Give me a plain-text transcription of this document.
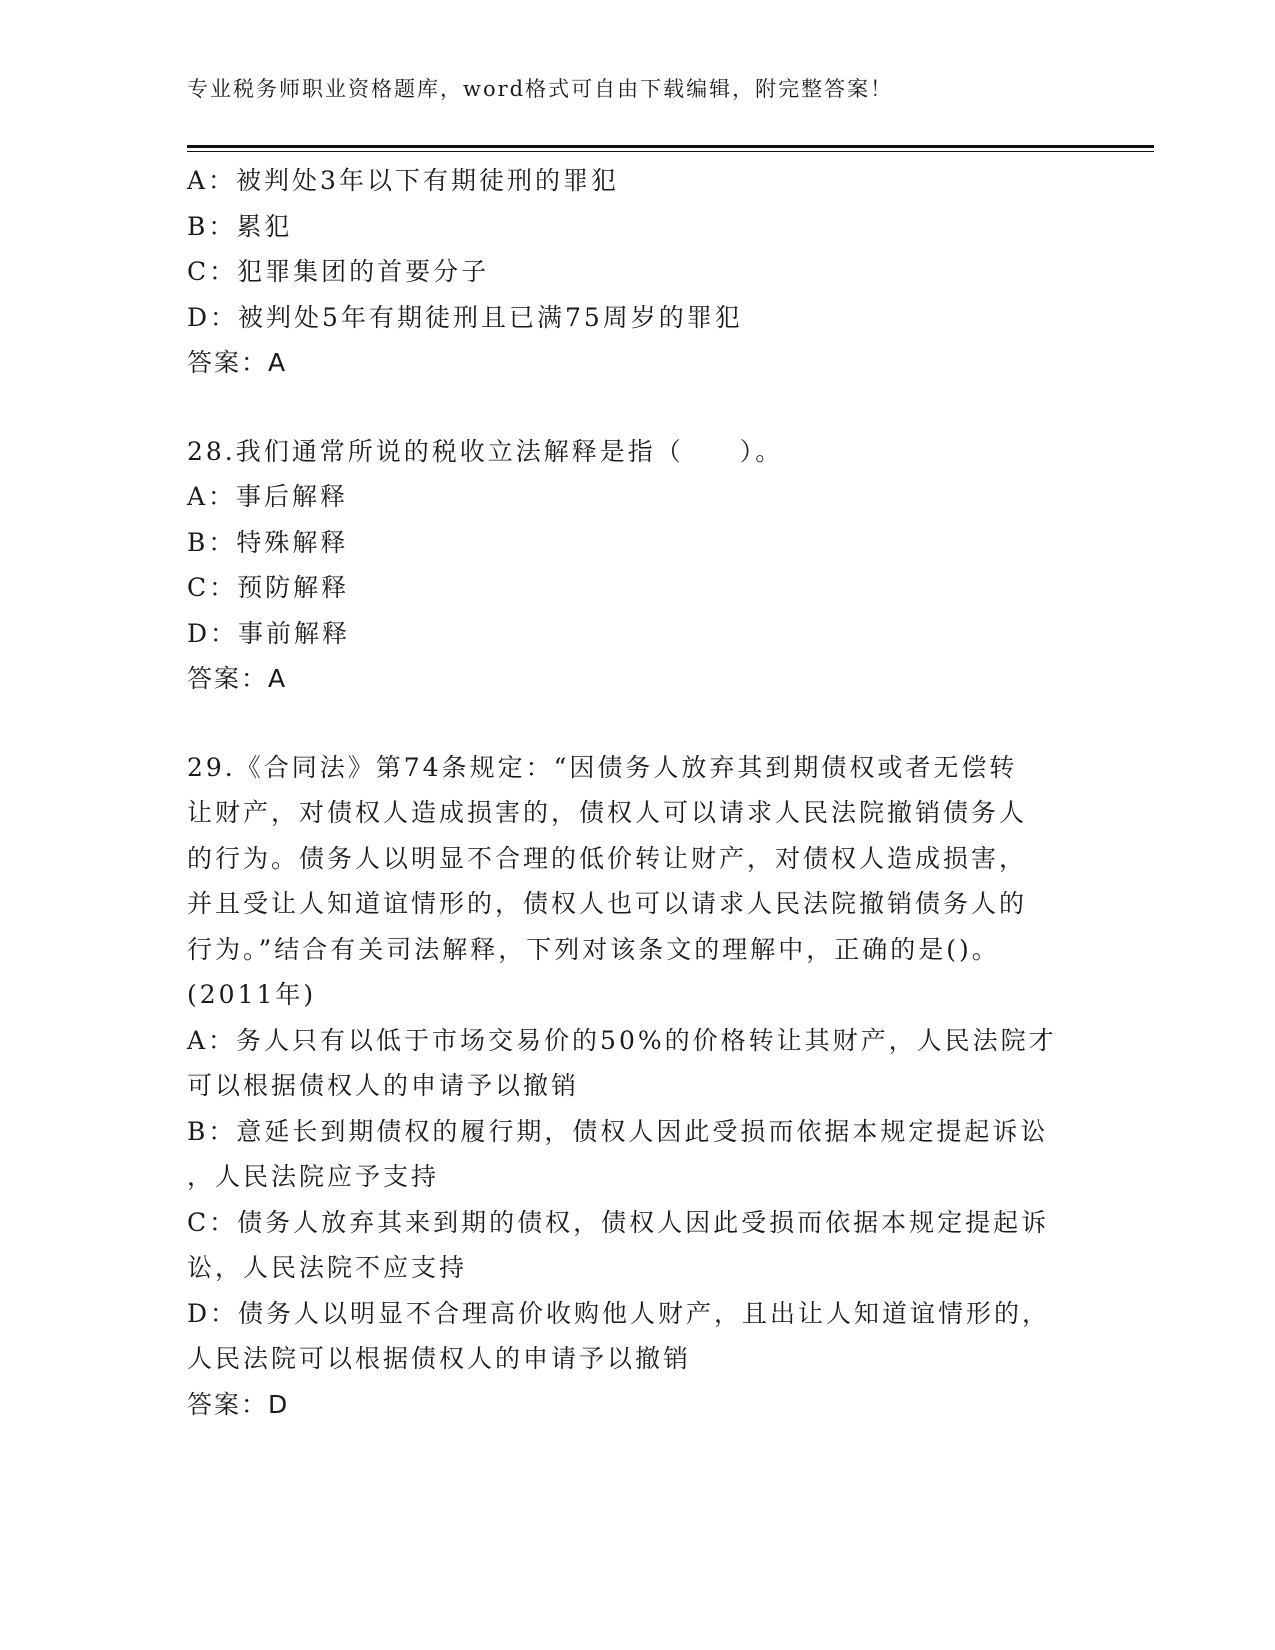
专业税务师职业资格题库，word格式可自由下载编辑，附完整答案！
A：被判处3年以下有期徒刑的罪犯
B：累犯
C：犯罪集团的首要分子
D：被判处5年有期徒刑且已满75周岁的罪犯
答案：A
28.我们通常所说的税收立法解释是指（　　）。
A：事后解释
B：特殊解释
C：预防解释
D：事前解释
答案：A
29.《合同法》第74条规定：“因债务人放弃其到期债权或者无偿转
让财产，对债权人造成损害的，债权人可以请求人民法院撤销债务人
的行为。债务人以明显不合理的低价转让财产，对债权人造成损害，
并且受让人知道谊情形的，债权人也可以请求人民法院撤销债务人的
行为。”结合有关司法解释，下列对该条文的理解中，正确的是()。
(2011年)
A：务人只有以低于市场交易价的50%的价格转让其财产，人民法院才
可以根据债权人的申请予以撤销
B：意延长到期债权的履行期，债权人因此受损而依据本规定提起诉讼
，人民法院应予支持
C：债务人放弃其来到期的债权，债权人因此受损而依据本规定提起诉
讼，人民法院不应支持
D：债务人以明显不合理高价收购他人财产，且出让人知道谊情形的，
人民法院可以根据债权人的申请予以撤销
答案：D
